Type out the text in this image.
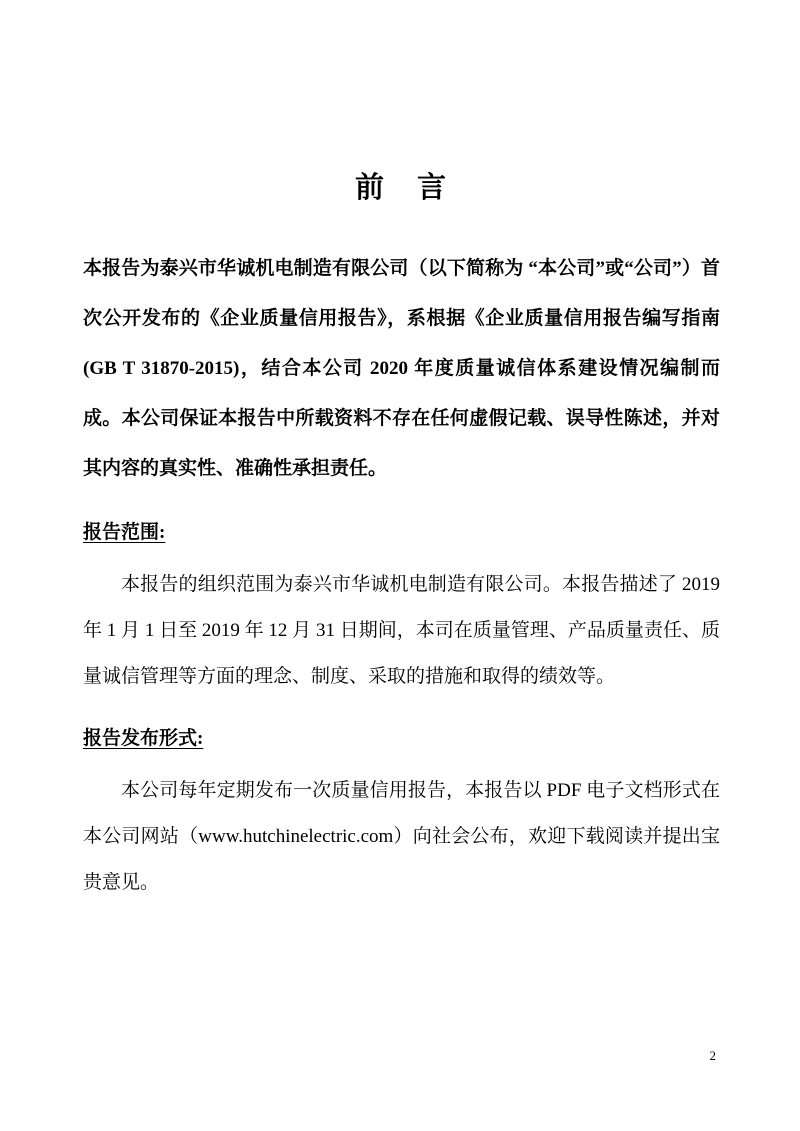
前　言

本报告为泰兴市华诚机电制造有限公司（以下简称为 “本公司”或“公司”）首次公开发布的《企业质量信用报告》，系根据《企业质量信用报告编写指南(GB T 31870-2015)，结合本公司 2020 年度质量诚信体系建设情况编制而成。本公司保证本报告中所载资料不存在任何虚假记载、误导性陈述，并对其内容的真实性、准确性承担责任。

报告范围:

本报告的组织范围为泰兴市华诚机电制造有限公司。本报告描述了 2019 年 1 月 1 日至 2019 年 12 月 31 日期间，本司在质量管理、产品质量责任、质量诚信管理等方面的理念、制度、采取的措施和取得的绩效等。

报告发布形式:

本公司每年定期发布一次质量信用报告，本报告以 PDF 电子文档形式在本公司网站（www.hutchinelectric.com）向社会公布，欢迎下载阅读并提出宝贵意见。

2
